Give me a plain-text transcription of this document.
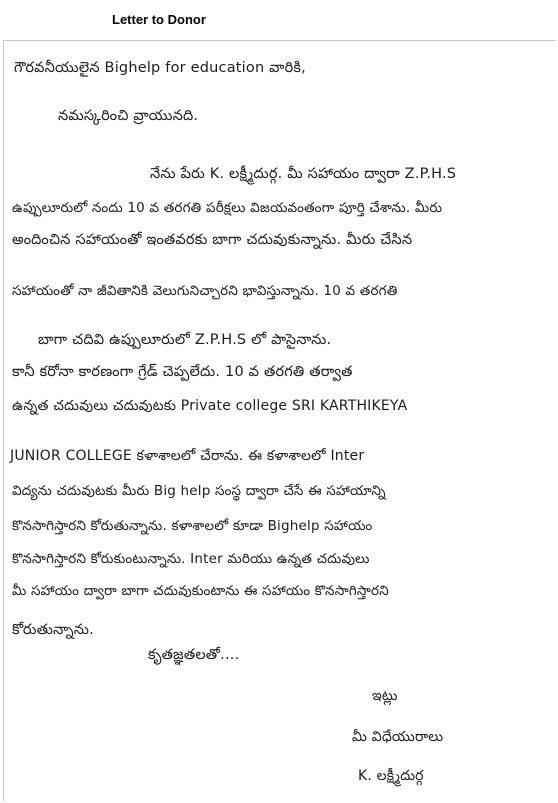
Letter to Donor
గౌరవనీయులైన Bighelp for education వారికి,
నమస్కరించి వ్రాయునది.
నేను పేరు K. లక్ష్మీదుర్గ. మీ సహాయం ద్వారా Z.P.H.S
ఉప్పులూరులో నందు 10 వ తరగతి పరీక్షలు విజయవంతంగా పూర్తి చేశాను. మీరు
అందించిన సహాయంతో ఇంతవరకు బాగా చదువుకున్నాను. మీరు చేసిన
సహాయంతో నా జీవితానికి వెలుగునిచ్చారని భావిస్తున్నాను. 10 వ తరగతి
బాగా చదివి ఉప్పులూరులో Z.P.H.S లో పాసైనాను.
కానీ కరోనా కారణంగా గ్రేడ్ చెప్పలేదు. 10 వ తరగతి తర్వాత
ఉన్నత చదువులు చదువుటకు Private college SRI KARTHIKEYA
JUNIOR COLLEGE కళాశాలలో చేరాను. ఈ కళాశాలలో Inter
విద్యను చదువుటకు మీరు Big help సంస్థ ద్వారా చేసే ఈ సహాయాన్ని
కొనసాగిస్తారని కోరుతున్నాను. కళాశాలలో కూడా Bighelp సహాయం
కొనసాగిస్తారని కోరుకుంటున్నాను. Inter మరియు ఉన్నత చదువులు
మీ సహాయం ద్వారా బాగా చదువుకుంటాను ఈ సహాయం కొనసాగిస్తారని
కోరుతున్నాను.
కృతజ్ఞతలతో....
ఇట్లు
మీ విధేయురాలు
K. లక్ష్మీదుర్గ
